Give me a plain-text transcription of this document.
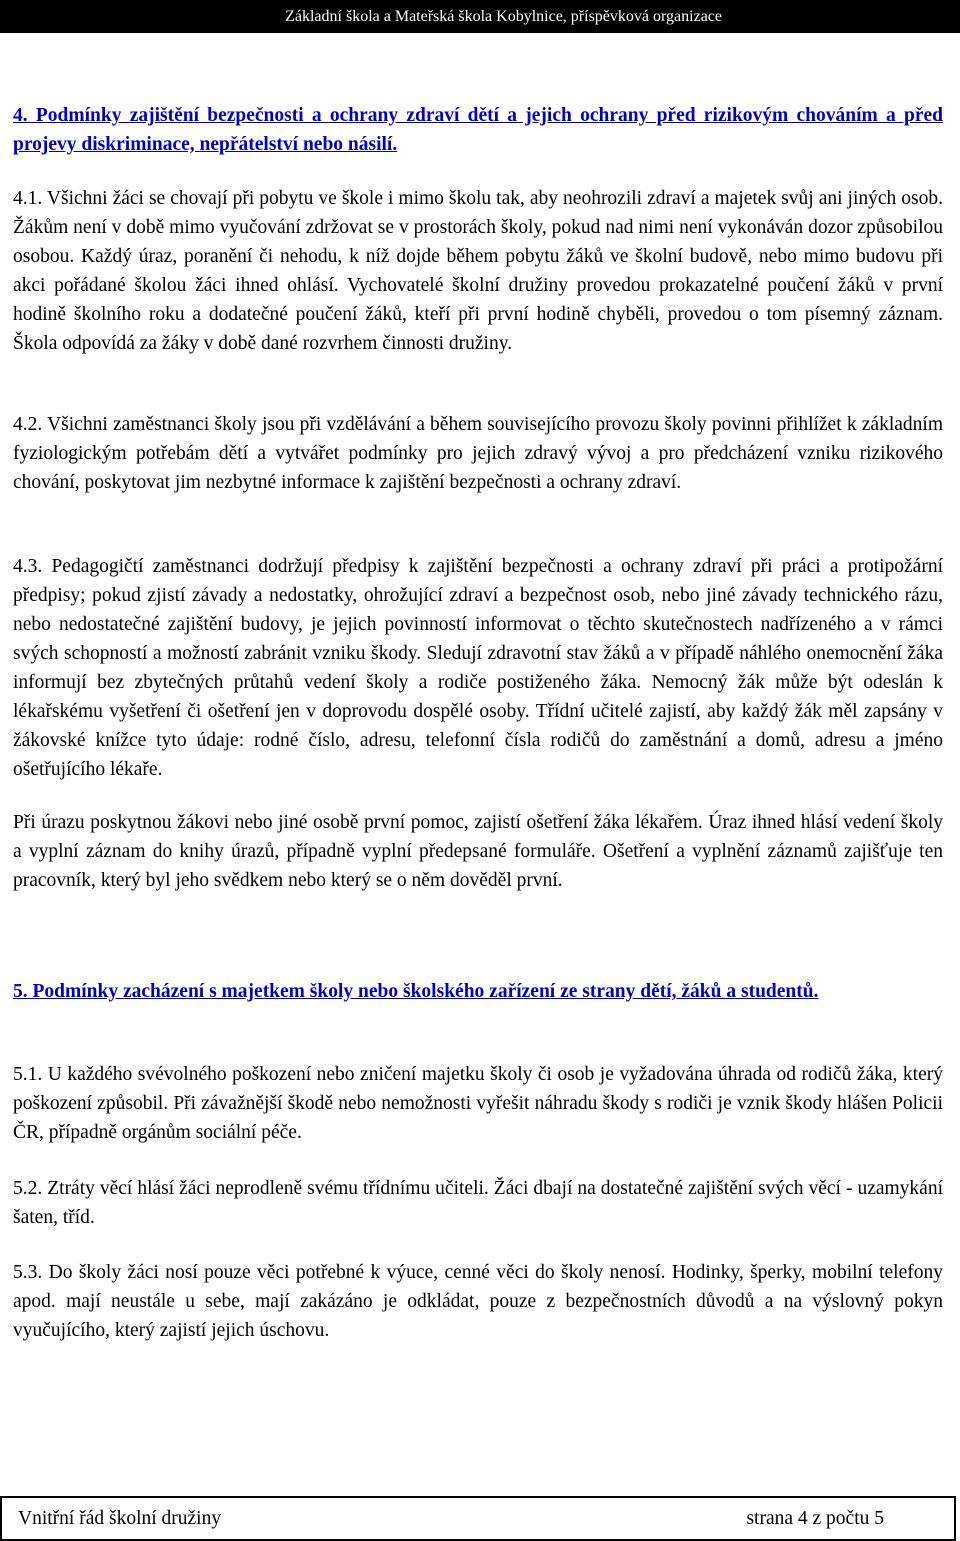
Základní škola a Mateřská škola Kobylnice, příspěvková organizace
4. Podmínky zajištění bezpečnosti a ochrany zdraví dětí a jejich ochrany před rizikovým chováním a před projevy diskriminace, nepřátelství nebo násilí.

4.1. Všichni žáci se chovají při pobytu ve škole i mimo školu tak, aby neohrozili zdraví a majetek svůj ani jiných osob. Žákům není v době mimo vyučování zdržovat se v prostorách školy, pokud nad nimi není vykonáván dozor způsobilou osobou. Každý úraz, poranění či nehodu, k níž dojde během pobytu žáků ve školní budově, nebo mimo budovu při akci pořádané školou žáci ihned ohlásí. Vychovatelé školní družiny provedou prokazatelné poučení žáků v první hodině školního roku a dodatečné poučení žáků, kteří při první hodině chyběli, provedou o tom písemný záznam. Škola odpovídá za žáky v době dané rozvrhem činnosti družiny.

4.2. Všichni zaměstnanci školy jsou při vzdělávání a během souvisejícího provozu školy povinni přihlížet k základním fyziologickým potřebám dětí a vytvářet podmínky pro jejich zdravý vývoj a pro předcházení vzniku rizikového chování, poskytovat jim nezbytné informace k zajištění bezpečnosti a ochrany zdraví.

4.3. Pedagogičtí zaměstnanci dodržují předpisy k zajištění bezpečnosti a ochrany zdraví při práci a protipožární předpisy; pokud zjistí závady a nedostatky, ohrožující zdraví a bezpečnost osob, nebo jiné závady technického rázu, nebo nedostatečné zajištění budovy, je jejich povinností informovat o těchto skutečnostech nadřízeného a v rámci svých schopností a možností zabránit vzniku škody. Sledují zdravotní stav žáků a v případě náhlého onemocnění žáka informují bez zbytečných průtahů vedení školy a rodiče postiženého žáka. Nemocný žák může být odeslán k lékařskému vyšetření či ošetření jen v doprovodu dospělé osoby. Třídní učitelé zajistí, aby každý žák měl zapsány v žákovské knížce tyto údaje: rodné číslo, adresu, telefonní čísla rodičů do zaměstnání a domů, adresu a jméno ošetřujícího lékaře.

Při úrazu poskytnou žákovi nebo jiné osobě první pomoc, zajistí ošetření žáka lékařem. Úraz ihned hlásí vedení školy a vyplní záznam do knihy úrazů, případně vyplní předepsané formuláře. Ošetření a vyplnění záznamů zajišťuje ten pracovník, který byl jeho svědkem nebo který se o něm dověděl první.

5. Podmínky zacházení s majetkem školy nebo školského zařízení ze strany dětí, žáků a studentů.

5.1. U každého svévolného poškození nebo zničení majetku školy či osob je vyžadována úhrada od rodičů žáka, který poškození způsobil. Při závažnější škodě nebo nemožnosti vyřešit náhradu škody s rodiči je vznik škody hlášen Policii ČR, případně orgánům sociální péče.

5.2. Ztráty věcí hlásí žáci neprodleně svému třídnímu učiteli. Žáci dbají na dostatečné zajištění svých věcí - uzamykání šaten, tříd.

5.3. Do školy žáci nosí pouze věci potřebné k výuce, cenné věci do školy nenosí. Hodinky, šperky, mobilní telefony apod. mají neustále u sebe, mají zakázáno je odkládat, pouze z bezpečnostních důvodů a na výslovný pokyn vyučujícího, který zajistí jejich úschovu.

Vnitřní řád školní družiny	strana 4 z počtu 5
